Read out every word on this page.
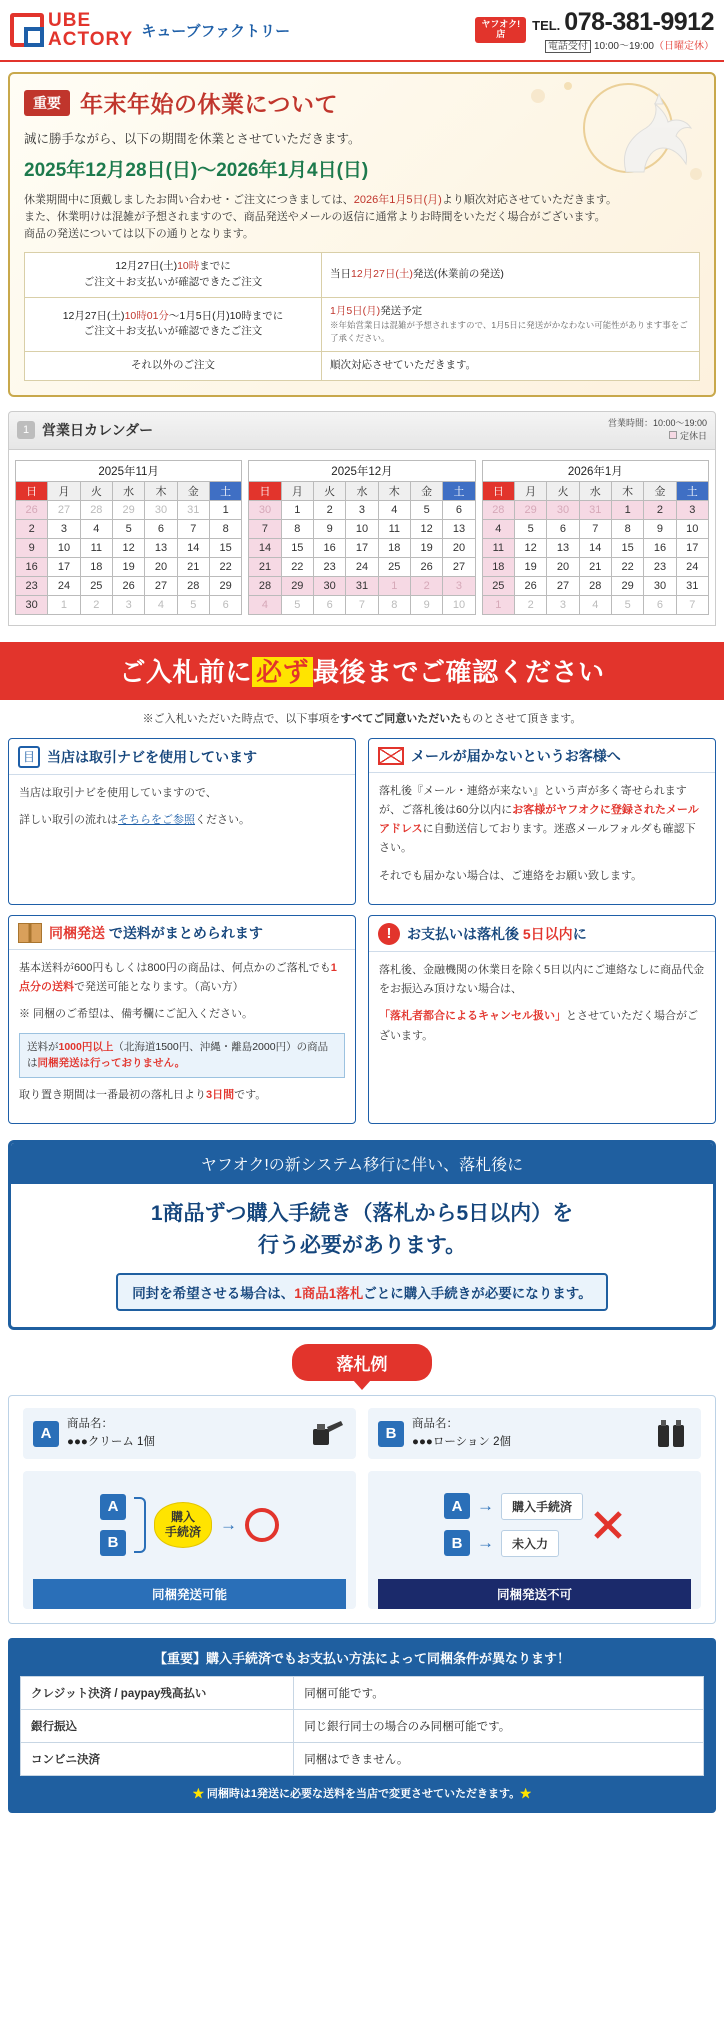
UBE
ACTORY キューブファクトリー	ヤフオク!
店
TEL. 078-381-9912
電話受付 10:00〜19:00（日曜定休）
重要 年末年始の休業について
誠に勝手ながら、以下の期間を休業とさせていただきます。
2025年12月28日(日)〜2026年1月4日(日)
休業期間中に頂戴しましたお問い合わせ・ご注文につきましては、2026年1月5日(月)より順次対応させていただきます。
また、休業明けは混雑が予想されますので、商品発送やメールの返信に通常よりお時間をいただく場合がございます。
商品の発送については以下の通りとなります。
12月27日(土)10時までに
ご注文＋お支払いが確認できたご注文	当日12月27日(土)発送(休業前の発送)
12月27日(土)10時01分〜1月5日(月)10時までに
ご注文＋お支払いが確認できたご注文	1月5日(月)発送予定
※年始営業日は混雑が予想されますので、1月5日に発送がかなわない可能性があります事をご了承ください。

それ以外のご注文	順次対応させていただきます。
1 営業日カレンダー	営業時間：10:00〜19:00
定休日
2025年11月
日	月	火	水	木	金	土
26	27	28	29	30	31	1
2	3	4	5	6	7	8
9	10	11	12	13	14	15
16	17	18	19	20	21	22
23	24	25	26	27	28	29
30	1	2	3	4	5	6
2025年12月
日	月	火	水	木	金	土
30	1	2	3	4	5	6
7	8	9	10	11	12	13
14	15	16	17	18	19	20
21	22	23	24	25	26	27
28	29	30	31	1	2	3
4	5	6	7	8	9	10
2026年1月
日	月	火	水	木	金	土
28	29	30	31	1	2	3
4	5	6	7	8	9	10
11	12	13	14	15	16	17
18	19	20	21	22	23	24
25	26	27	28	29	30	31
1	2	3	4	5	6	7
ご入札前に 必ず 最後までご確認ください
※ご入札いただいた時点で、以下事項をすべてご同意いただいたものとさせて頂きます。
目 当店は取引ナビを使用しています

当店は取引ナビを使用していますので、

詳しい取引の流れはそちらをご参照ください。

メールが届かないというお客様へ

落札後『メール・連絡が来ない』という声が多く寄せられますが、ご落札後は60分以内にお客様がヤフオクに登録されたメールアドレスに自動送信しております。迷惑メールフォルダも確認下さい。

それでも届かない場合は、ご連絡をお願い致します。

同梱発送 で送料がまとめられます

基本送料が600円もしくは800円の商品は、何点かのご落札でも1点分の送料で発送可能となります。（高い方）

※ 同梱のご希望は、備考欄にご記入ください。

送料が1000円以上（北海道1500円、沖縄・離島2000円）の商品は同梱発送は行っておりません。

取り置き期間は一番最初の落札日より3日間です。

!	お支払いは落札後 5日以内に

落札後、金融機関の休業日を除く5日以内にご連絡なしに商品代金をお振込み頂けない場合は、

「落札者都合によるキャンセル扱い」とさせていただく場合がございます。

ヤフオク!の新システム移行に伴い、落札後に
1商品ずつ購入手続き（落札から5日以内）を
行う必要があります。
同封を希望させる場合は、1商品1落札ごとに購入手続きが必要になります。
落札例
A
商品名：
●●●クリーム 1個	B
商品名：
●●●ローション 2個
A
B
購入
手続済	→
同梱発送可能
A →	購入手続済
B →	未入力
同梱発送不可
【重要】購入手続済でもお支払い方法によって同梱条件が異なります！
クレジット決済 / paypay残高払い	同梱可能です。
銀行振込	同じ銀行同士の場合のみ同梱可能です。
コンビニ決済	同梱はできません。
★ 同梱時は1発送に必要な送料を当店で変更させていただきます。★
